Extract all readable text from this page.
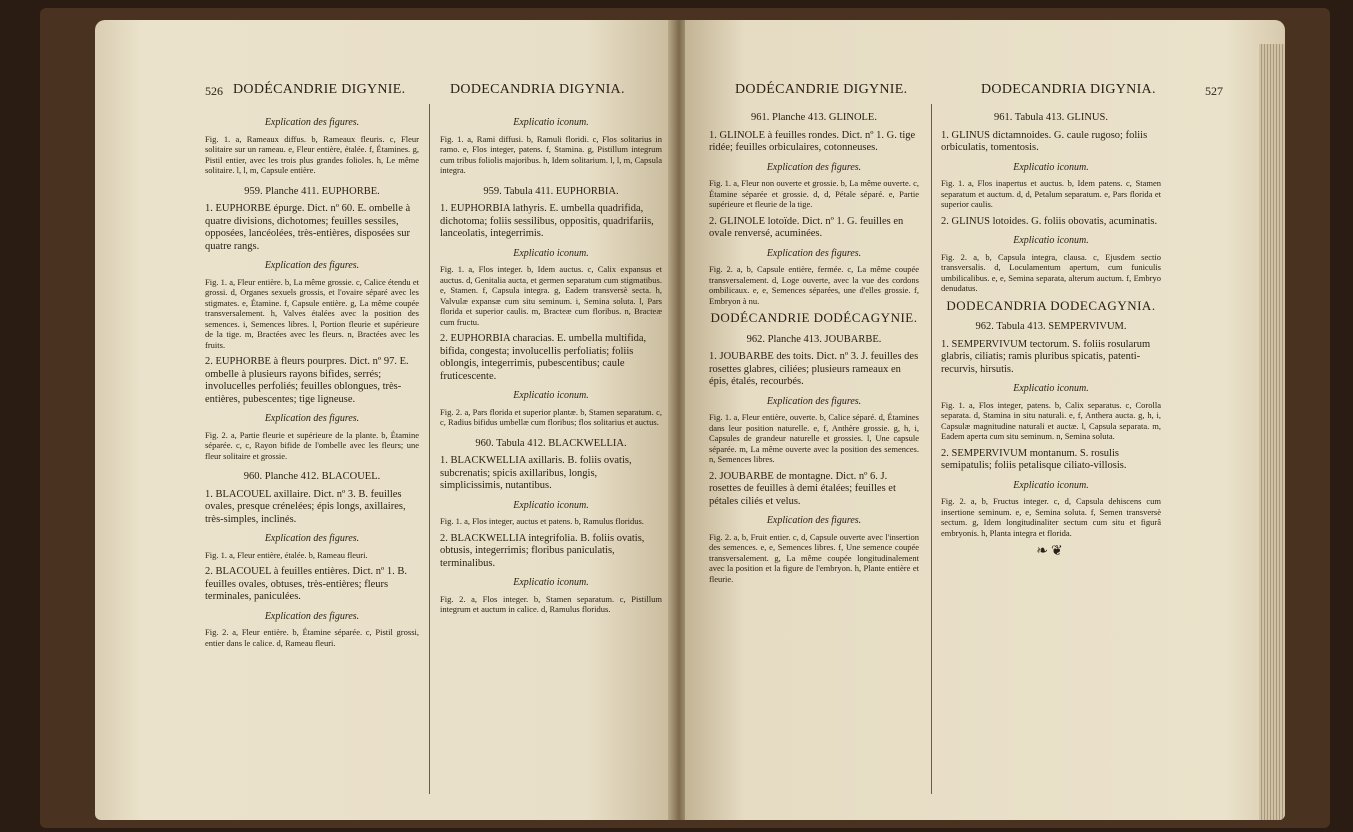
526 DODÉCANDRIE DIGYNIE.	DODECANDRIA DIGYNIA.
Explication des figures.
Fig. 1. a, Rameaux diffus. b, Rameaux fleuris. c, Fleur solitaire sur un rameau. e, Fleur entière, étalée. f, Étamines. g, Pistil entier, avec les trois plus grandes folioles. h, Le même solitaire. l, l, m, Capsule entière.
959. Planche 411. EUPHORBE.
1. EUPHORBE épurge. Dict. nº 60. E. ombelle à quatre divisions, dichotomes; feuilles sessiles, opposées, lancéolées, très-entières, disposées sur quatre rangs.
Explication des figures.
Fig. 1. a, Fleur entière. b, La même grossie. c, Calice étendu et grossi. d, Organes sexuels grossis, et l'ovaire séparé avec les stigmates. e, Étamine. f, Capsule entière. g, La même coupée transversalement. h, Valves étalées avec la position des semences. i, Semences libres. l, Portion fleurie et supérieure de la tige. m, Bractées avec les fleurs. n, Bractées avec les fruits.
2. EUPHORBE à fleurs pourpres. Dict. nº 97. E. ombelle à plusieurs rayons bifides, serrés; involucelles perfoliés; feuilles oblongues, très-entières, pubescentes; tige ligneuse.
Explication des figures.
Fig. 2. a, Partie fleurie et supérieure de la plante. b, Étamine séparée. c, c, Rayon bifide de l'ombelle avec les fleurs; une fleur solitaire et grossie.
960. Planche 412. BLACOUEL.
1. BLACOUEL axillaire. Dict. nº 3. B. feuilles ovales, presque crénelées; épis longs, axillaires, très-simples, inclinés.
Explication des figures.
Fig. 1. a, Fleur entière, étalée. b, Rameau fleuri.
2. BLACOUEL à feuilles entières. Dict. nº 1. B. feuilles ovales, obtuses, très-entières; fleurs terminales, paniculées.
Explication des figures.
Fig. 2. a, Fleur entière. b, Étamine séparée. c, Pistil grossi, entier dans le calice. d, Rameau fleuri.
Explicatio iconum.
Fig. 1. a, Rami diffusi. b, Ramuli floridi. c, Flos solitarius in ramo. e, Flos integer, patens. f, Stamina. g, Pistillum integrum cum tribus foliolis majoribus. h, Idem solitarium. l, l, m, Capsula integra.
959. Tabula 411. EUPHORBIA.
1. EUPHORBIA lathyris. E. umbella quadrifida, dichotoma; foliis sessilibus, oppositis, quadrifariis, lanceolatis, integerrimis.
Explicatio iconum.
Fig. 1. a, Flos integer. b, Idem auctus. c, Calix expansus et auctus. d, Genitalia aucta, et germen separatum cum stigmatibus. e, Stamen. f, Capsula integra. g, Eadem transversè secta. h, Valvulæ expansæ cum situ seminum. i, Semina soluta. l, Pars florida et superior caulis. m, Bracteæ cum floribus. n, Bracteæ cum fructu.
2. EUPHORBIA characias. E. umbella multifida, bifida, congesta; involucellis perfoliatis; foliis oblongis, integerrimis, pubescentibus; caule fruticescente.
Explicatio iconum.
Fig. 2. a, Pars florida et superior plantæ. b, Stamen separatum. c, c, Radius bifidus umbellæ cum floribus; flos solitarius et auctus.
960. Tabula 412. BLACKWELLIA.
1. BLACKWELLIA axillaris. B. foliis ovatis, subcrenatis; spicis axillaribus, longis, simplicissimis, nutantibus.
Explicatio iconum.
Fig. 1. a, Flos integer, auctus et patens. b, Ramulus floridus.
2. BLACKWELLIA integrifolia. B. foliis ovatis, obtusis, integerrimis; floribus paniculatis, terminalibus.
Explicatio iconum.
Fig. 2. a, Flos integer. b, Stamen separatum. c, Pistillum integrum et auctum in calice. d, Ramulus floridus.
DODÉCANDRIE DIGYNIE.	DODECANDRIA DIGYNIA.	527
961. Planche 413. GLINOLE.
1. GLINOLE à feuilles rondes. Dict. nº 1. G. tige ridée; feuilles orbiculaires, cotonneuses.
Explication des figures.
Fig. 1. a, Fleur non ouverte et grossie. b, La même ouverte. c, Étamine séparée et grossie. d, d, Pétale séparé. e, Partie supérieure et fleurie de la tige.
2. GLINOLE lotoïde. Dict. nº 1. G. feuilles en ovale renversé, acuminées.
Explication des figures.
Fig. 2. a, b, Capsule entière, fermée. c, La même coupée transversalement. d, Loge ouverte, avec la vue des cordons ombilicaux. e, e, Semences séparées, une d'elles grossie. f, Embryon à nu.
DODÉCANDRIE DODÉCAGYNIE.
962. Planche 413. JOUBARBE.
1. JOUBARBE des toits. Dict. nº 3. J. feuilles des rosettes glabres, ciliées; plusieurs rameaux en épis, étalés, recourbés.
Explication des figures.
Fig. 1. a, Fleur entière, ouverte. b, Calice séparé. d, Étamines dans leur position naturelle. e, f, Anthère grossie. g, h, i, Capsules de grandeur naturelle et grossies. l, Une capsule séparée. m, La même ouverte avec la position des semences. n, Semences libres.
2. JOUBARBE de montagne. Dict. nº 6. J. rosettes de feuilles à demi étalées; feuilles et pétales ciliés et velus.
Explication des figures.
Fig. 2. a, b, Fruit entier. c, d, Capsule ouverte avec l'insertion des semences. e, e, Semences libres. f, Une semence coupée transversalement. g, La même coupée longitudinalement avec la position et la figure de l'embryon. h, Plante entière et fleurie.
961. Tabula 413. GLINUS.
1. GLINUS dictamnoides. G. caule rugoso; foliis orbiculatis, tomentosis.
Explicatio iconum.
Fig. 1. a, Flos inapertus et auctus. b, Idem patens. c, Stamen separatum et auctum. d, d, Petalum separatum. e, Pars florida et superior caulis.
2. GLINUS lotoides. G. foliis obovatis, acuminatis.
Explicatio iconum.
Fig. 2. a, b, Capsula integra, clausa. c, Ejusdem sectio transversalis. d, Loculamentum apertum, cum funiculis umbilicalibus. e, e, Semina separata, alterum auctum. f, Embryo denudatus.
DODECANDRIA DODECAGYNIA.
962. Tabula 413. SEMPERVIVUM.
1. SEMPERVIVUM tectorum. S. foliis rosularum glabris, ciliatis; ramis pluribus spicatis, patenti-recurvis, hirsutis.
Explicatio iconum.
Fig. 1. a, Flos integer, patens. b, Calix separatus. c, Corolla separata. d, Stamina in situ naturali. e, f, Anthera aucta. g, h, i, Capsulæ magnitudine naturali et auctæ. l, Capsula separata. m, Eadem aperta cum situ seminum. n, Semina soluta.
2. SEMPERVIVUM montanum. S. rosulis semipatulis; foliis petalisque ciliato-villosis.
Explicatio iconum.
Fig. 2. a, b, Fructus integer. c, d, Capsula dehiscens cum insertione seminum. e, e, Semina soluta. f, Semen transversè sectum. g, Idem longitudinaliter sectum cum situ et figurâ embryonis. h, Planta integra et florida.
❧❦
